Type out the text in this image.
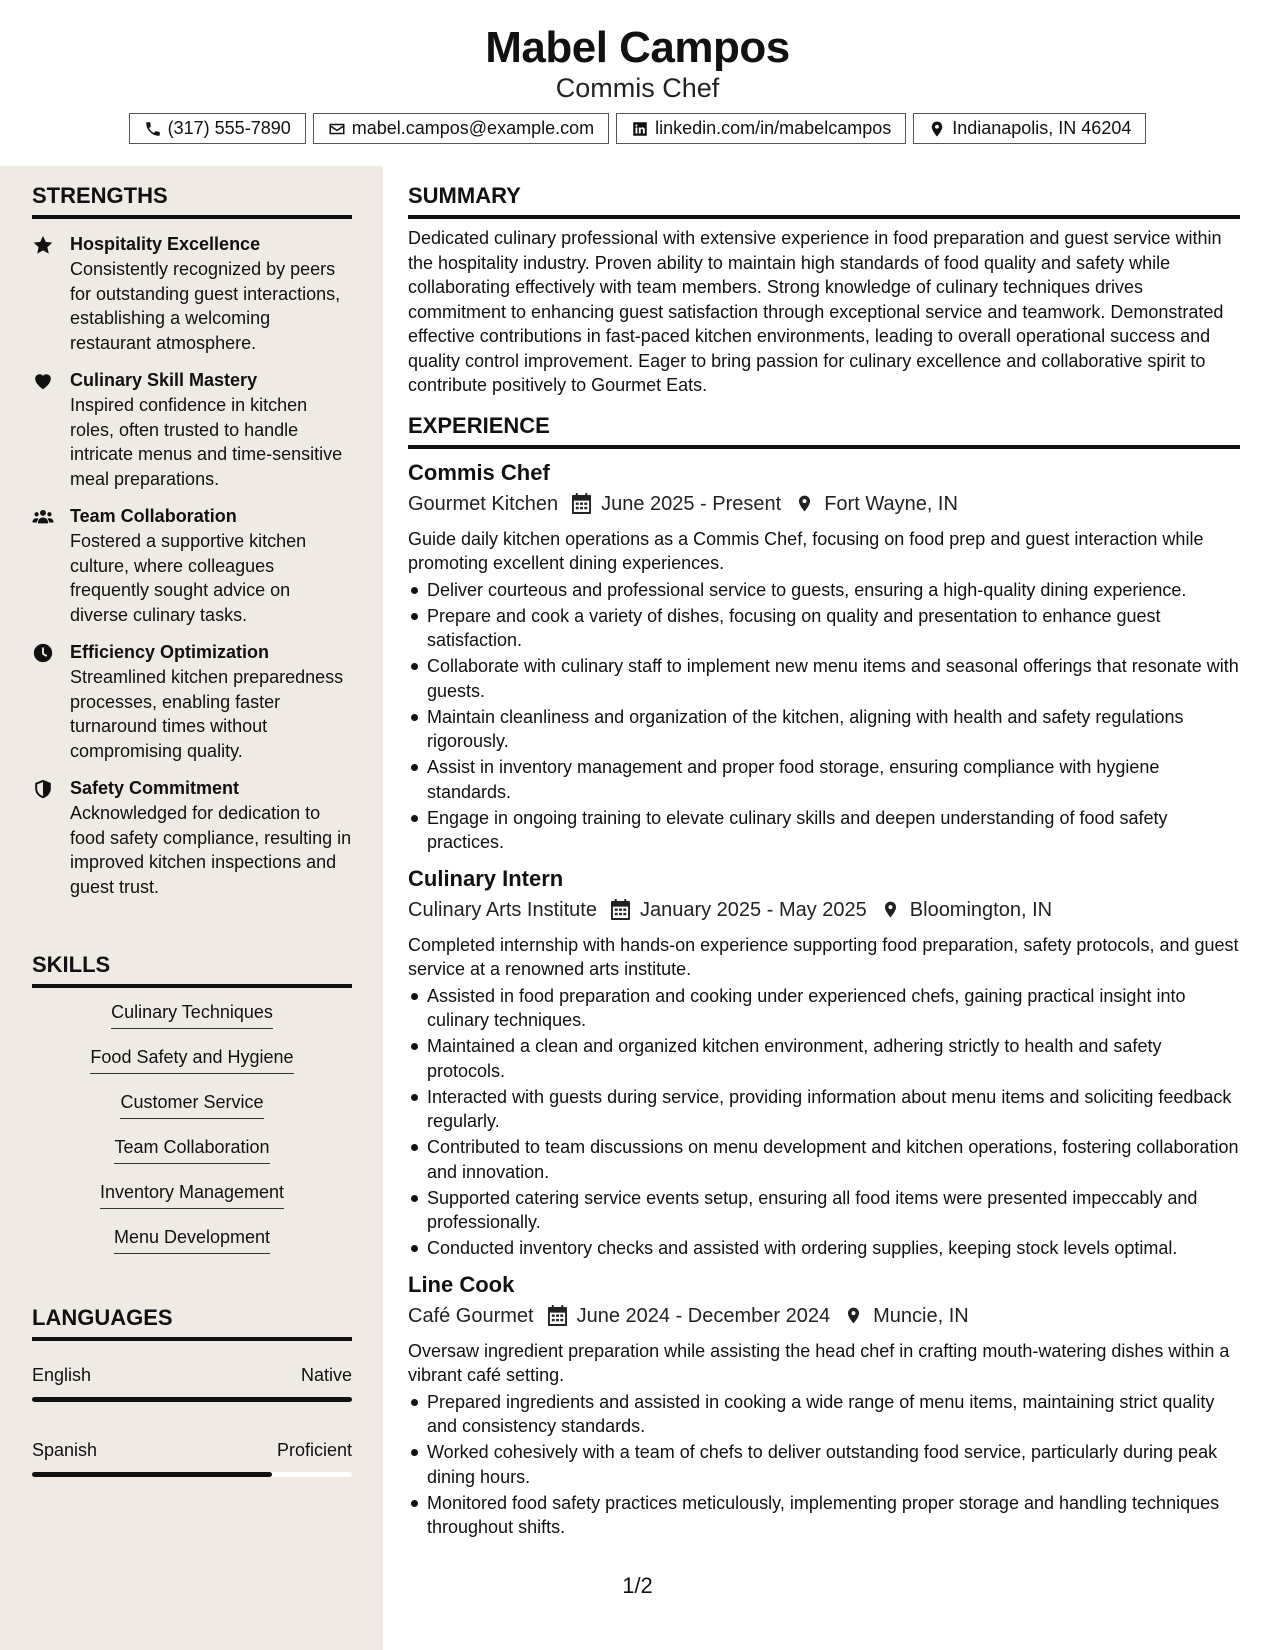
Mabel Campos
Commis Chef
(317) 555-7890	mabel.campos@example.com	linkedin.com/in/mabelcampos	Indianapolis, IN 46204
STRENGTHS
Hospitality Excellence
Consistently recognized by peers for outstanding guest interactions, establishing a welcoming restaurant atmosphere.
Culinary Skill Mastery
Inspired confidence in kitchen roles, often trusted to handle intricate menus and time-sensitive meal preparations.
Team Collaboration
Fostered a supportive kitchen culture, where colleagues frequently sought advice on diverse culinary tasks.
Efficiency Optimization
Streamlined kitchen preparedness processes, enabling faster turnaround times without compromising quality.
Safety Commitment
Acknowledged for dedication to food safety compliance, resulting in improved kitchen inspections and guest trust.
SKILLS
Culinary Techniques
Food Safety and Hygiene
Customer Service
Team Collaboration
Inventory Management
Menu Development
LANGUAGES
English	Native
Spanish	Proficient
SUMMARY
Dedicated culinary professional with extensive experience in food preparation and guest service within the hospitality industry. Proven ability to maintain high standards of food quality and safety while collaborating effectively with team members. Strong knowledge of culinary techniques drives commitment to enhancing guest satisfaction through exceptional service and teamwork. Demonstrated effective contributions in fast-paced kitchen environments, leading to overall operational success and quality control improvement. Eager to bring passion for culinary excellence and collaborative spirit to contribute positively to Gourmet Eats.
EXPERIENCE
Commis Chef
Gourmet Kitchen June 2025 - Present Fort Wayne, IN
Guide daily kitchen operations as a Commis Chef, focusing on food prep and guest interaction while promoting excellent dining experiences.
Deliver courteous and professional service to guests, ensuring a high-quality dining experience.
Prepare and cook a variety of dishes, focusing on quality and presentation to enhance guest satisfaction.
Collaborate with culinary staff to implement new menu items and seasonal offerings that resonate with guests.
Maintain cleanliness and organization of the kitchen, aligning with health and safety regulations rigorously.
Assist in inventory management and proper food storage, ensuring compliance with hygiene standards.
Engage in ongoing training to elevate culinary skills and deepen understanding of food safety practices.
Culinary Intern
Culinary Arts Institute January 2025 - May 2025 Bloomington, IN
Completed internship with hands-on experience supporting food preparation, safety protocols, and guest service at a renowned arts institute.
Assisted in food preparation and cooking under experienced chefs, gaining practical insight into culinary techniques.
Maintained a clean and organized kitchen environment, adhering strictly to health and safety protocols.
Interacted with guests during service, providing information about menu items and soliciting feedback regularly.
Contributed to team discussions on menu development and kitchen operations, fostering collaboration and innovation.
Supported catering service events setup, ensuring all food items were presented impeccably and professionally.
Conducted inventory checks and assisted with ordering supplies, keeping stock levels optimal.
Line Cook
Café Gourmet June 2024 - December 2024 Muncie, IN
Oversaw ingredient preparation while assisting the head chef in crafting mouth-watering dishes within a vibrant café setting.
Prepared ingredients and assisted in cooking a wide range of menu items, maintaining strict quality and consistency standards.
Worked cohesively with a team of chefs to deliver outstanding food service, particularly during peak dining hours.
Monitored food safety practices meticulously, implementing proper storage and handling techniques throughout shifts.
1/2
